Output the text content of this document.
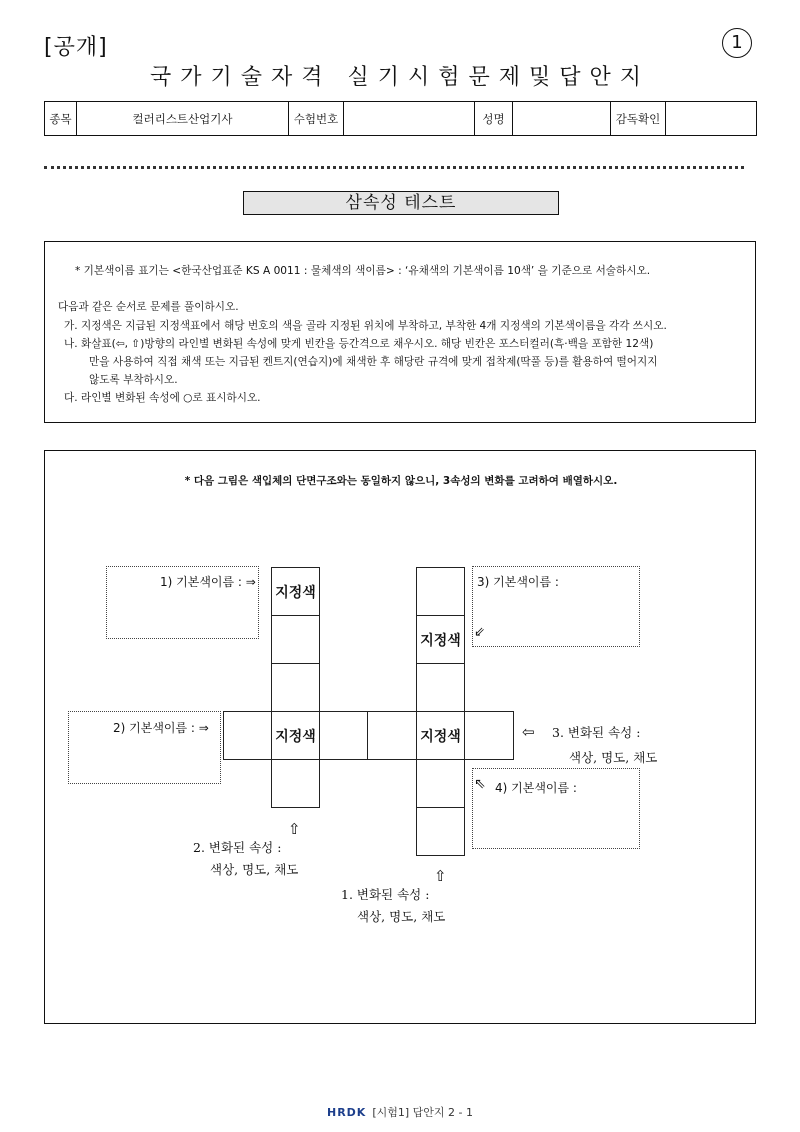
[공개]	1
국가기술자격 실기시험문제및답안지
종목	컬러리스트산업기사	수험번호	성명	감독확인
삼속성 테스트
* 기본색이름 표기는 <한국산업표준 KS A 0011 : 물체색의 색이름> : ‘유채색의 기본색이름 10색’ 을 기준으로 서술하시오.
다음과 같은 순서로 문제를 풀이하시오.
가. 지정색은 지급된 지정색표에서 해당 번호의 색을 골라 지정된 위치에 부착하고, 부착한 4개 지정색의 기본색이름을 각각 쓰시오.
나. 화살표(⇦, ⇧)방향의 라인별 변화된 속성에 맞게 빈칸을 등간격으로 채우시오. 해당 빈칸은 포스터컬러(흑·백을 포함한 12색)
만을 사용하여 직접 채색 또는 지급된 켄트지(연습지)에 채색한 후 해당란 규격에 맞게 접착제(딱풀 등)를 활용하여 떨어지지
않도록 부착하시오.
다. 라인별 변화된 속성에 ○로 표시하시오.
* 다음 그림은 색입체의 단면구조와는 동일하지 않으니, 3속성의 변화를 고려하여 배열하시오.
지정색
지정색
지정색	지정색
1) 기본색이름 : ⇒
2) 기본색이름 : ⇒
3) 기본색이름 :
4) 기본색이름 :
⇙
⇖
⇦
⇧
⇧
3. 변화된 속성 :
색상, 명도, 채도
2. 변화된 속성 :
색상, 명도, 채도
1. 변화된 속성 :
색상, 명도, 채도
HRDK [시험1] 답안지 2 - 1
